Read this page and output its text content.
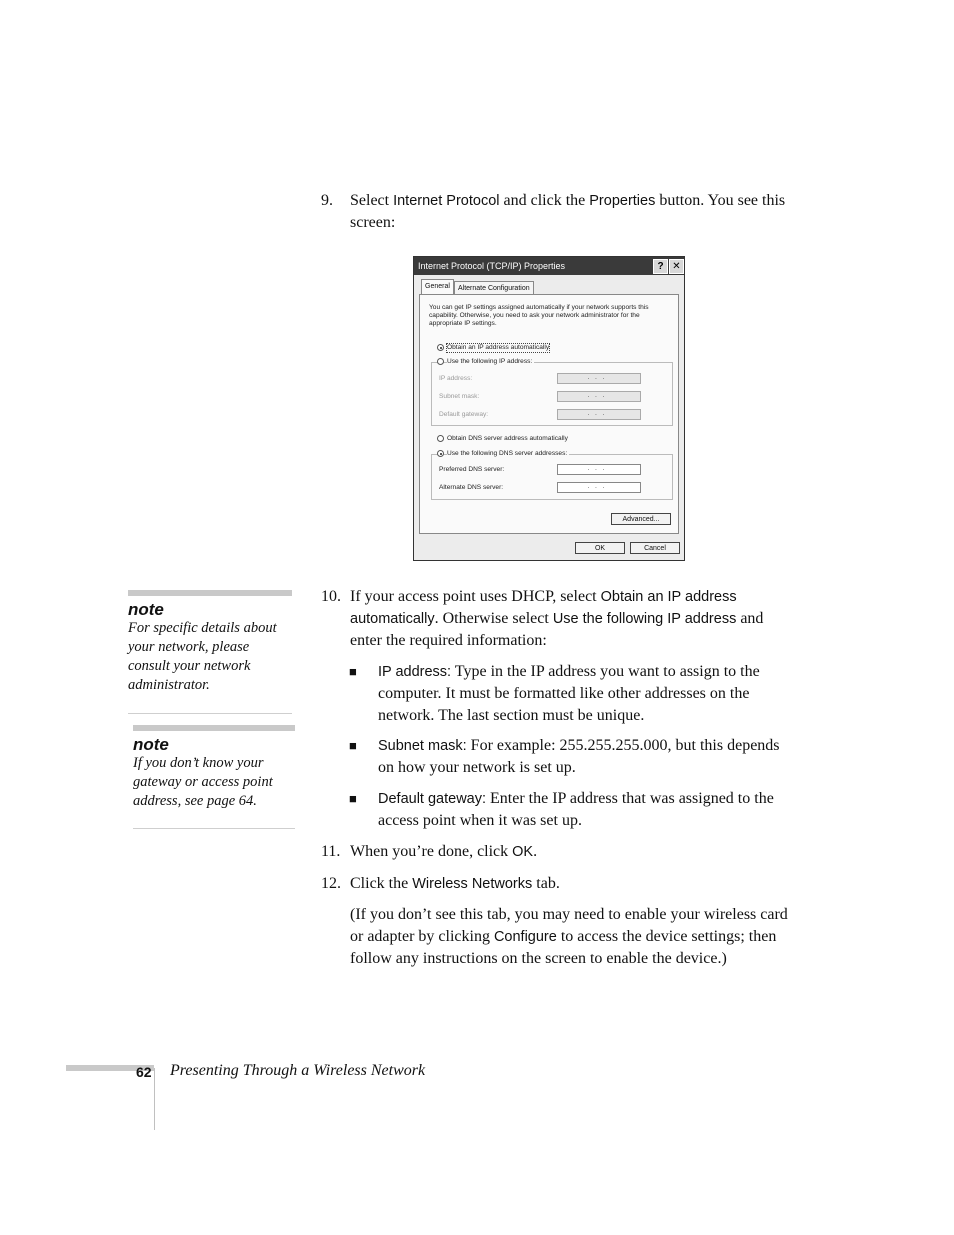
9. Select Internet Protocol and click the Properties button. You see this screen:
Internet Protocol (TCP/IP) Properties	? ✕
General	Alternate Configuration
You can get IP settings assigned automatically if your network supports this capability. Otherwise, you need to ask your network administrator for the appropriate IP settings.
Obtain an IP address automatically
Use the following IP address:
IP address:	...
Subnet mask:	...
Default gateway:	...
Obtain DNS server address automatically
Use the following DNS server addresses:
Preferred DNS server:	...
Alternate DNS server:	...
Advanced...
OK	Cancel
note
For specific details about your network, please consult your network administrator.
note
If you don’t know your gateway or access point address, see page 64.
10. If your access point uses DHCP, select Obtain an IP address automatically. Otherwise select Use the following IP address and enter the required information:
■ IP address: Type in the IP address you want to assign to the computer. It must be formatted like other addresses on the network. The last section must be unique.
■ Subnet mask: For example: 255.255.255.000, but this depends on how your network is set up.
■ Default gateway: Enter the IP address that was assigned to the access point when it was set up.
11. When you’re done, click OK.
12. Click the Wireless Networks tab.
(If you don’t see this tab, you may need to enable your wireless card or adapter by clicking Configure to access the device settings; then follow any instructions on the screen to enable the device.)
62 Presenting Through a Wireless Network
